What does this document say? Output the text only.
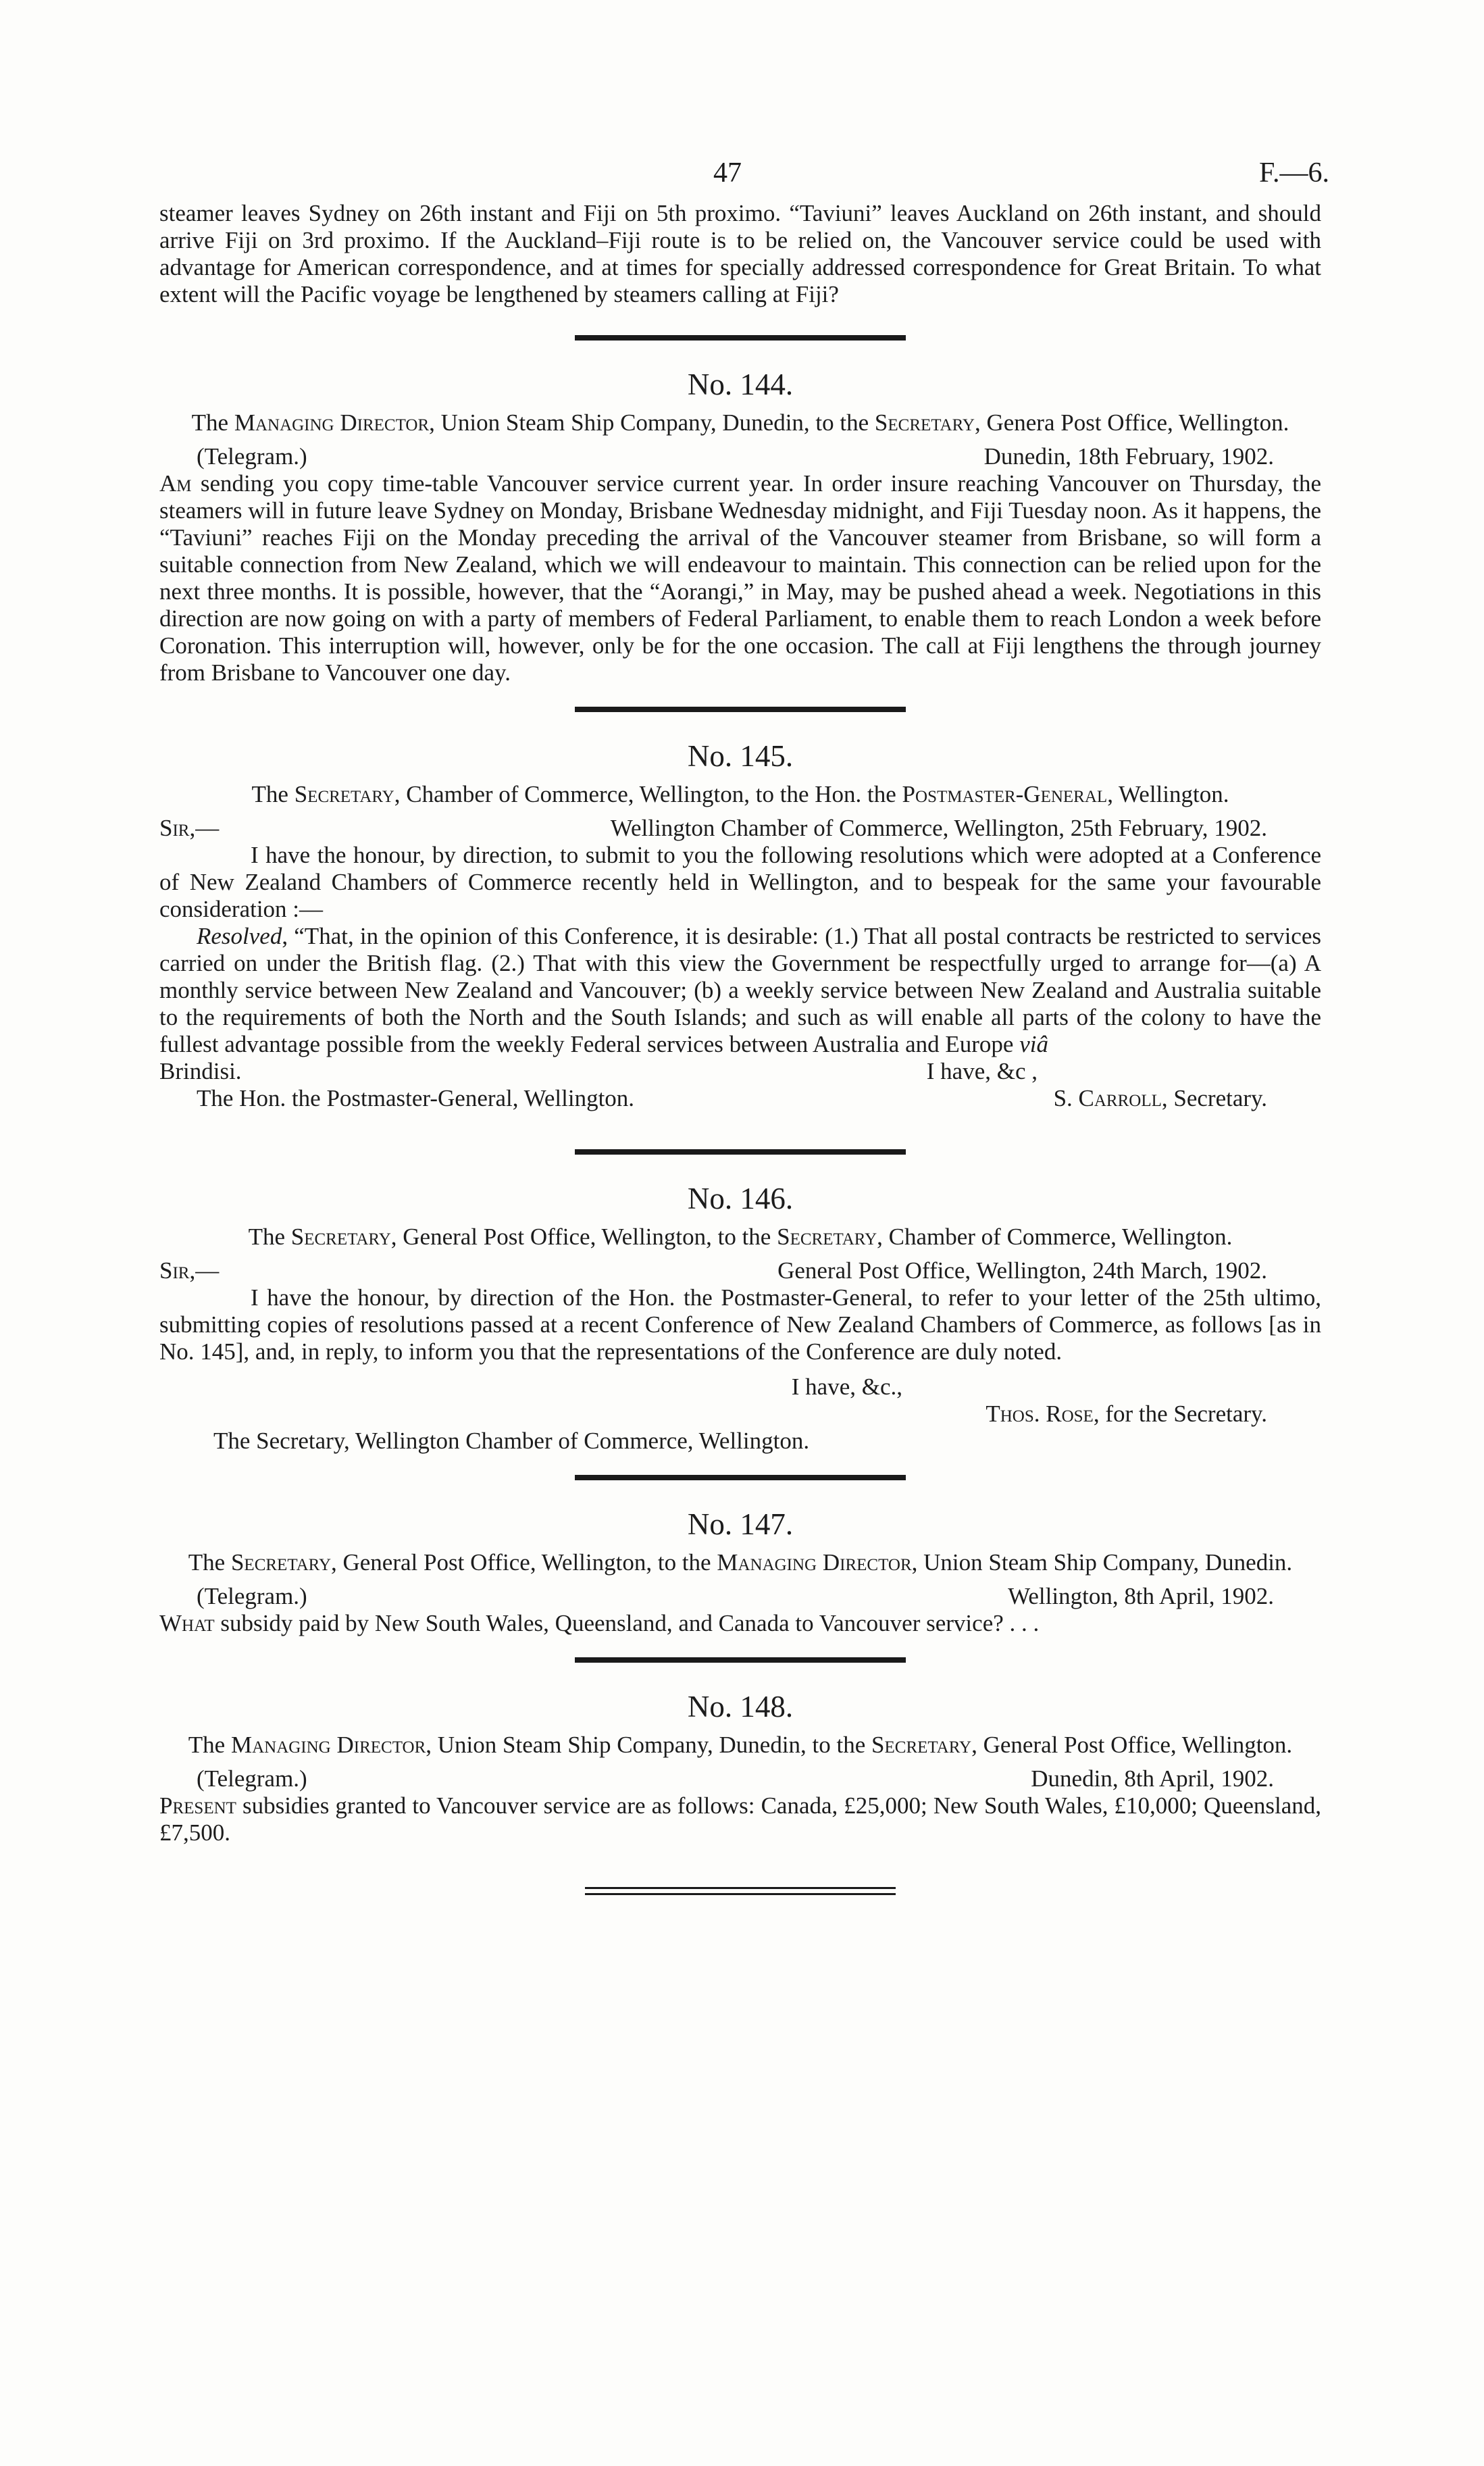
47	F.—6.

steamer leaves Sydney on 26th instant and Fiji on 5th proximo. “Taviuni” leaves Auckland on 26th instant, and should arrive Fiji on 3rd proximo. If the Auckland–Fiji route is to be relied on, the Vancouver service could be used with advantage for American correspondence, and at times for specially addressed correspondence for Great Britain. To what extent will the Pacific voyage be lengthened by steamers calling at Fiji?

No. 144.

The Managing Director, Union Steam Ship Company, Dunedin, to the Secretary, Genera Post Office, Wellington.

(Telegram.)	Dunedin, 18th February, 1902.

Am sending you copy time-table Vancouver service current year. In order insure reaching Vancouver on Thursday, the steamers will in future leave Sydney on Monday, Brisbane Wednesday midnight, and Fiji Tuesday noon. As it happens, the “Taviuni” reaches Fiji on the Monday preceding the arrival of the Vancouver steamer from Brisbane, so will form a suitable connection from New Zealand, which we will endeavour to maintain. This connection can be relied upon for the next three months. It is possible, however, that the “Aorangi,” in May, may be pushed ahead a week. Negotiations in this direction are now going on with a party of members of Federal Parliament, to enable them to reach London a week before Coronation. This interruption will, however, only be for the one occasion. The call at Fiji lengthens the through journey from Brisbane to Vancouver one day.

No. 145.

The Secretary, Chamber of Commerce, Wellington, to the Hon. the Postmaster-General, Wellington.

Sir,—	Wellington Chamber of Commerce, Wellington, 25th February, 1902.

I have the honour, by direction, to submit to you the following resolutions which were adopted at a Conference of New Zealand Chambers of Commerce recently held in Wellington, and to bespeak for the same your favourable consideration :—

Resolved, “That, in the opinion of this Conference, it is desirable: (1.) That all postal contracts be restricted to services carried on under the British flag. (2.) That with this view the Government be respectfully urged to arrange for—(a) A monthly service between New Zealand and Vancouver; (b) a weekly service between New Zealand and Australia suitable to the requirements of both the North and the South Islands; and such as will enable all parts of the colony to have the fullest advantage possible from the weekly Federal services between Australia and Europe viâ

Brindisi.	I have, &c ,
The Hon. the Postmaster-General, Wellington.	S. Carroll, Secretary.
No. 146.

The Secretary, General Post Office, Wellington, to the Secretary, Chamber of Commerce, Wellington.

Sir,—	General Post Office, Wellington, 24th March, 1902.

I have the honour, by direction of the Hon. the Postmaster-General, to refer to your letter of the 25th ultimo, submitting copies of resolutions passed at a recent Conference of New Zealand Chambers of Commerce, as follows [as in No. 145], and, in reply, to inform you that the representations of the Conference are duly noted.

I have, &c.,
Thos. Rose, for the Secretary.
The Secretary, Wellington Chamber of Commerce, Wellington.
No. 147.

The Secretary, General Post Office, Wellington, to the Managing Director, Union Steam Ship Company, Dunedin.

(Telegram.)	Wellington, 8th April, 1902.

What subsidy paid by New South Wales, Queensland, and Canada to Vancouver service? . . .

No. 148.

The Managing Director, Union Steam Ship Company, Dunedin, to the Secretary, General Post Office, Wellington.

(Telegram.)	Dunedin, 8th April, 1902.

Present subsidies granted to Vancouver service are as follows: Canada, £25,000; New South Wales, £10,000; Queensland, £7,500.
